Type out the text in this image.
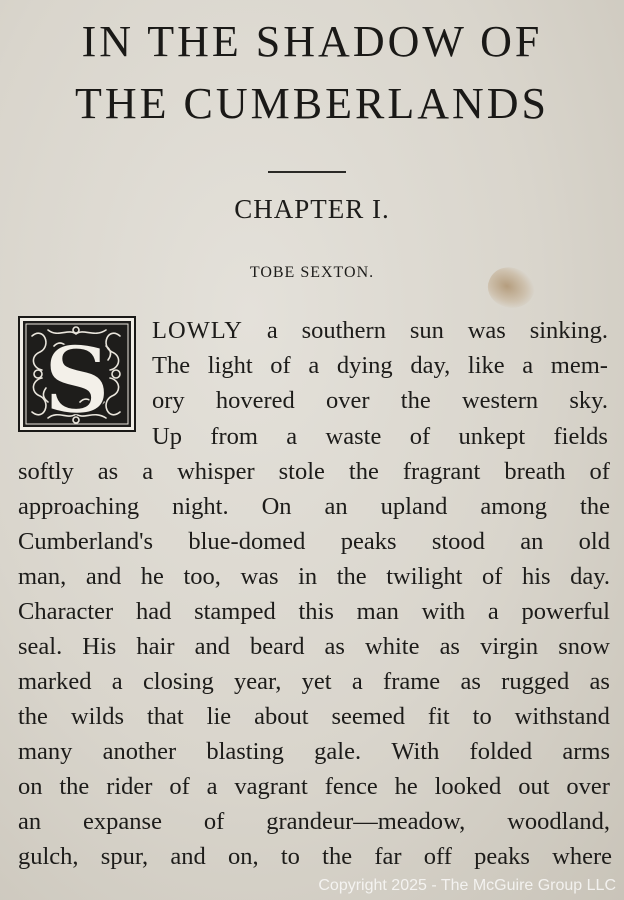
IN THE SHADOW OF
THE CUMBERLANDS
CHAPTER I.
TOBE SEXTON.
S LOWLY a southern sun was sinking.
The light of a dying day, like a mem-
ory hovered over the western sky.
Up from a waste of unkept fields
softly as a whisper stole the fragrant breath of
approaching night. On an upland among the
Cumberland's blue-domed peaks stood an old
man, and he too, was in the twilight of his day.
Character had stamped this man with a powerful
seal. His hair and beard as white as virgin snow
marked a closing year, yet a frame as rugged as
the wilds that lie about seemed fit to withstand
many another blasting gale. With folded arms
on the rider of a vagrant fence he looked out over
an expanse of grandeur—meadow, woodland,
gulch, spur, and on, to the far off peaks where
Copyright 2025 - The McGuire Group LLC
